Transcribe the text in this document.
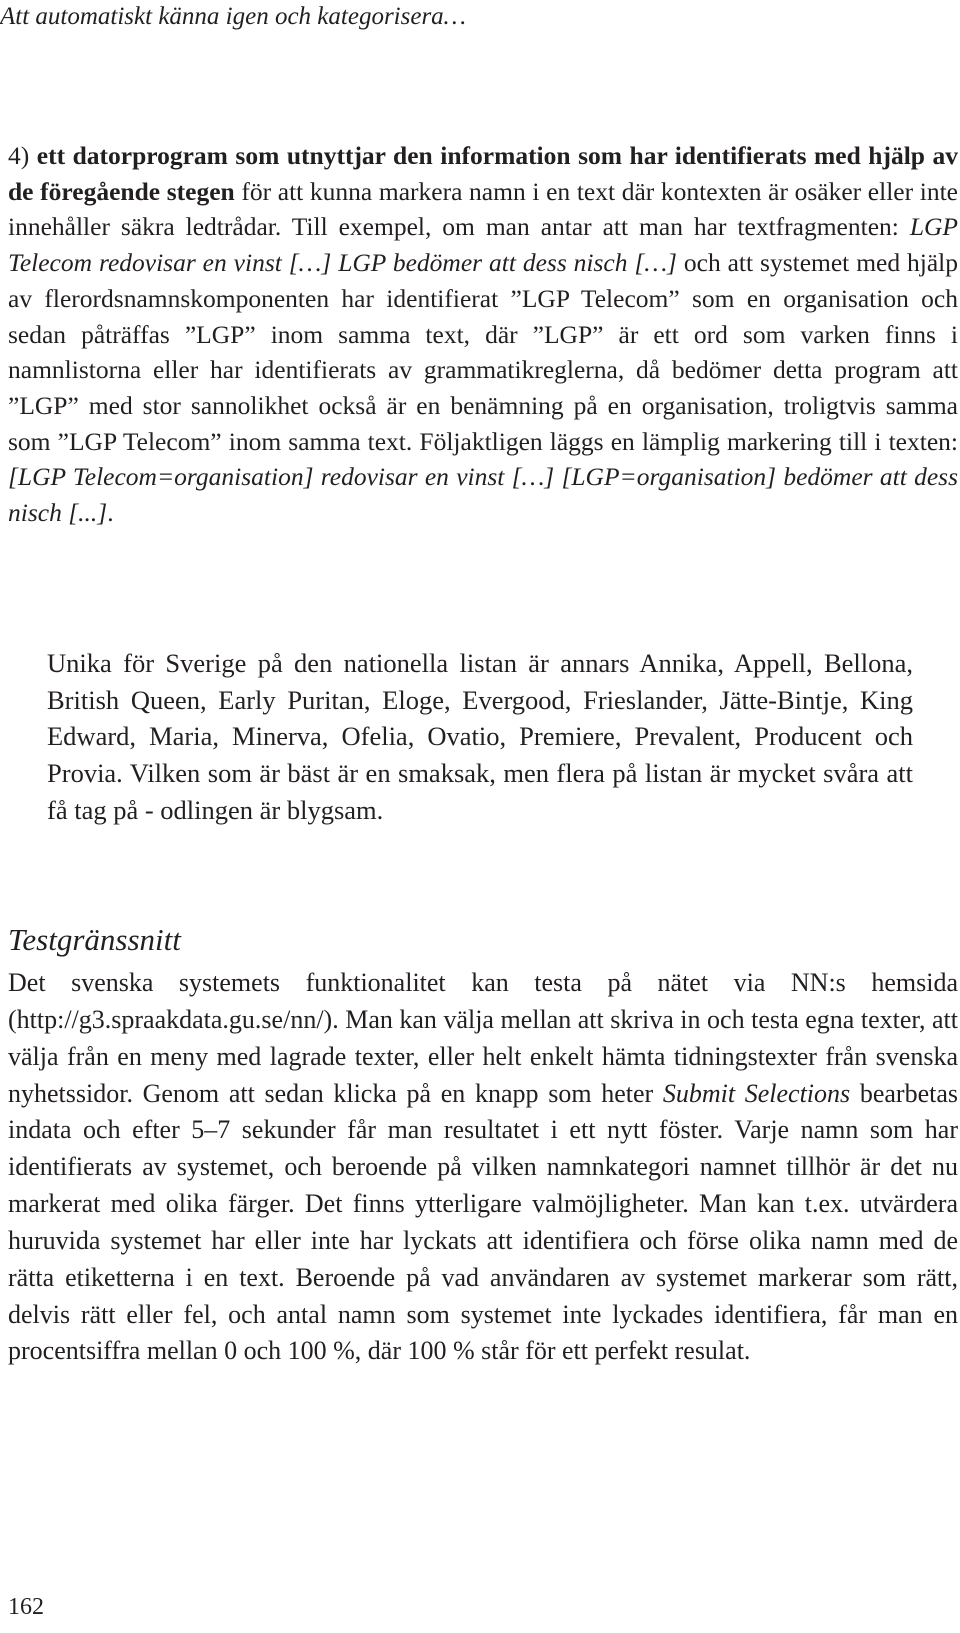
Att automatiskt känna igen och kategorisera…
4) ett datorprogram som utnyttjar den information som har identifierats med hjälp av de föregående stegen för att kunna markera namn i en text där kontexten är osäker eller inte innehåller säkra ledtrådar. Till exempel, om man antar att man har textfragmenten: LGP Telecom redovisar en vinst […] LGP bedömer att dess nisch […] och att systemet med hjälp av flerordsnamnskomponenten har identifierat ”LGP Telecom” som en organisation och sedan påträffas ”LGP” inom samma text, där ”LGP” är ett ord som varken finns i namnlistorna eller har identifierats av grammatikreglerna, då bedömer detta program att ”LGP” med stor sannolikhet också är en benämning på en organisation, troligtvis samma som ”LGP Telecom” inom samma text. Följaktligen läggs en lämplig markering till i texten: [LGP Telecom=organisation] redovisar en vinst […] [LGP=organisation] bedömer att dess nisch [...].
Unika för Sverige på den nationella listan är annars Annika, Appell, Bellona, British Queen, Early Puritan, Eloge, Evergood, Frieslander, Jätte-Bintje, King Edward, Maria, Minerva, Ofelia, Ovatio, Premiere, Prevalent, Producent och Provia. Vilken som är bäst är en smaksak, men flera på listan är mycket svåra att få tag på - odlingen är blygsam.
Testgränssnitt
Det svenska systemets funktionalitet kan testa på nätet via NN:s hemsida (http://g3.spraakdata.gu.se/nn/). Man kan välja mellan att skriva in och testa egna texter, att välja från en meny med lagrade texter, eller helt enkelt hämta tidningstexter från svenska nyhetssidor. Genom att sedan klicka på en knapp som heter Submit Selections bearbetas indata och efter 5–7 sekunder får man resultatet i ett nytt föster. Varje namn som har identifierats av systemet, och beroende på vilken namnkategori namnet tillhör är det nu markerat med olika färger. Det finns ytterligare valmöjligheter. Man kan t.ex. utvärdera huruvida systemet har eller inte har lyckats att identifiera och förse olika namn med de rätta etiketterna i en text. Beroende på vad användaren av systemet markerar som rätt, delvis rätt eller fel, och antal namn som systemet inte lyckades identifiera, får man en procentsiffra mellan 0 och 100 %, där 100 % står för ett perfekt resulat.
162
